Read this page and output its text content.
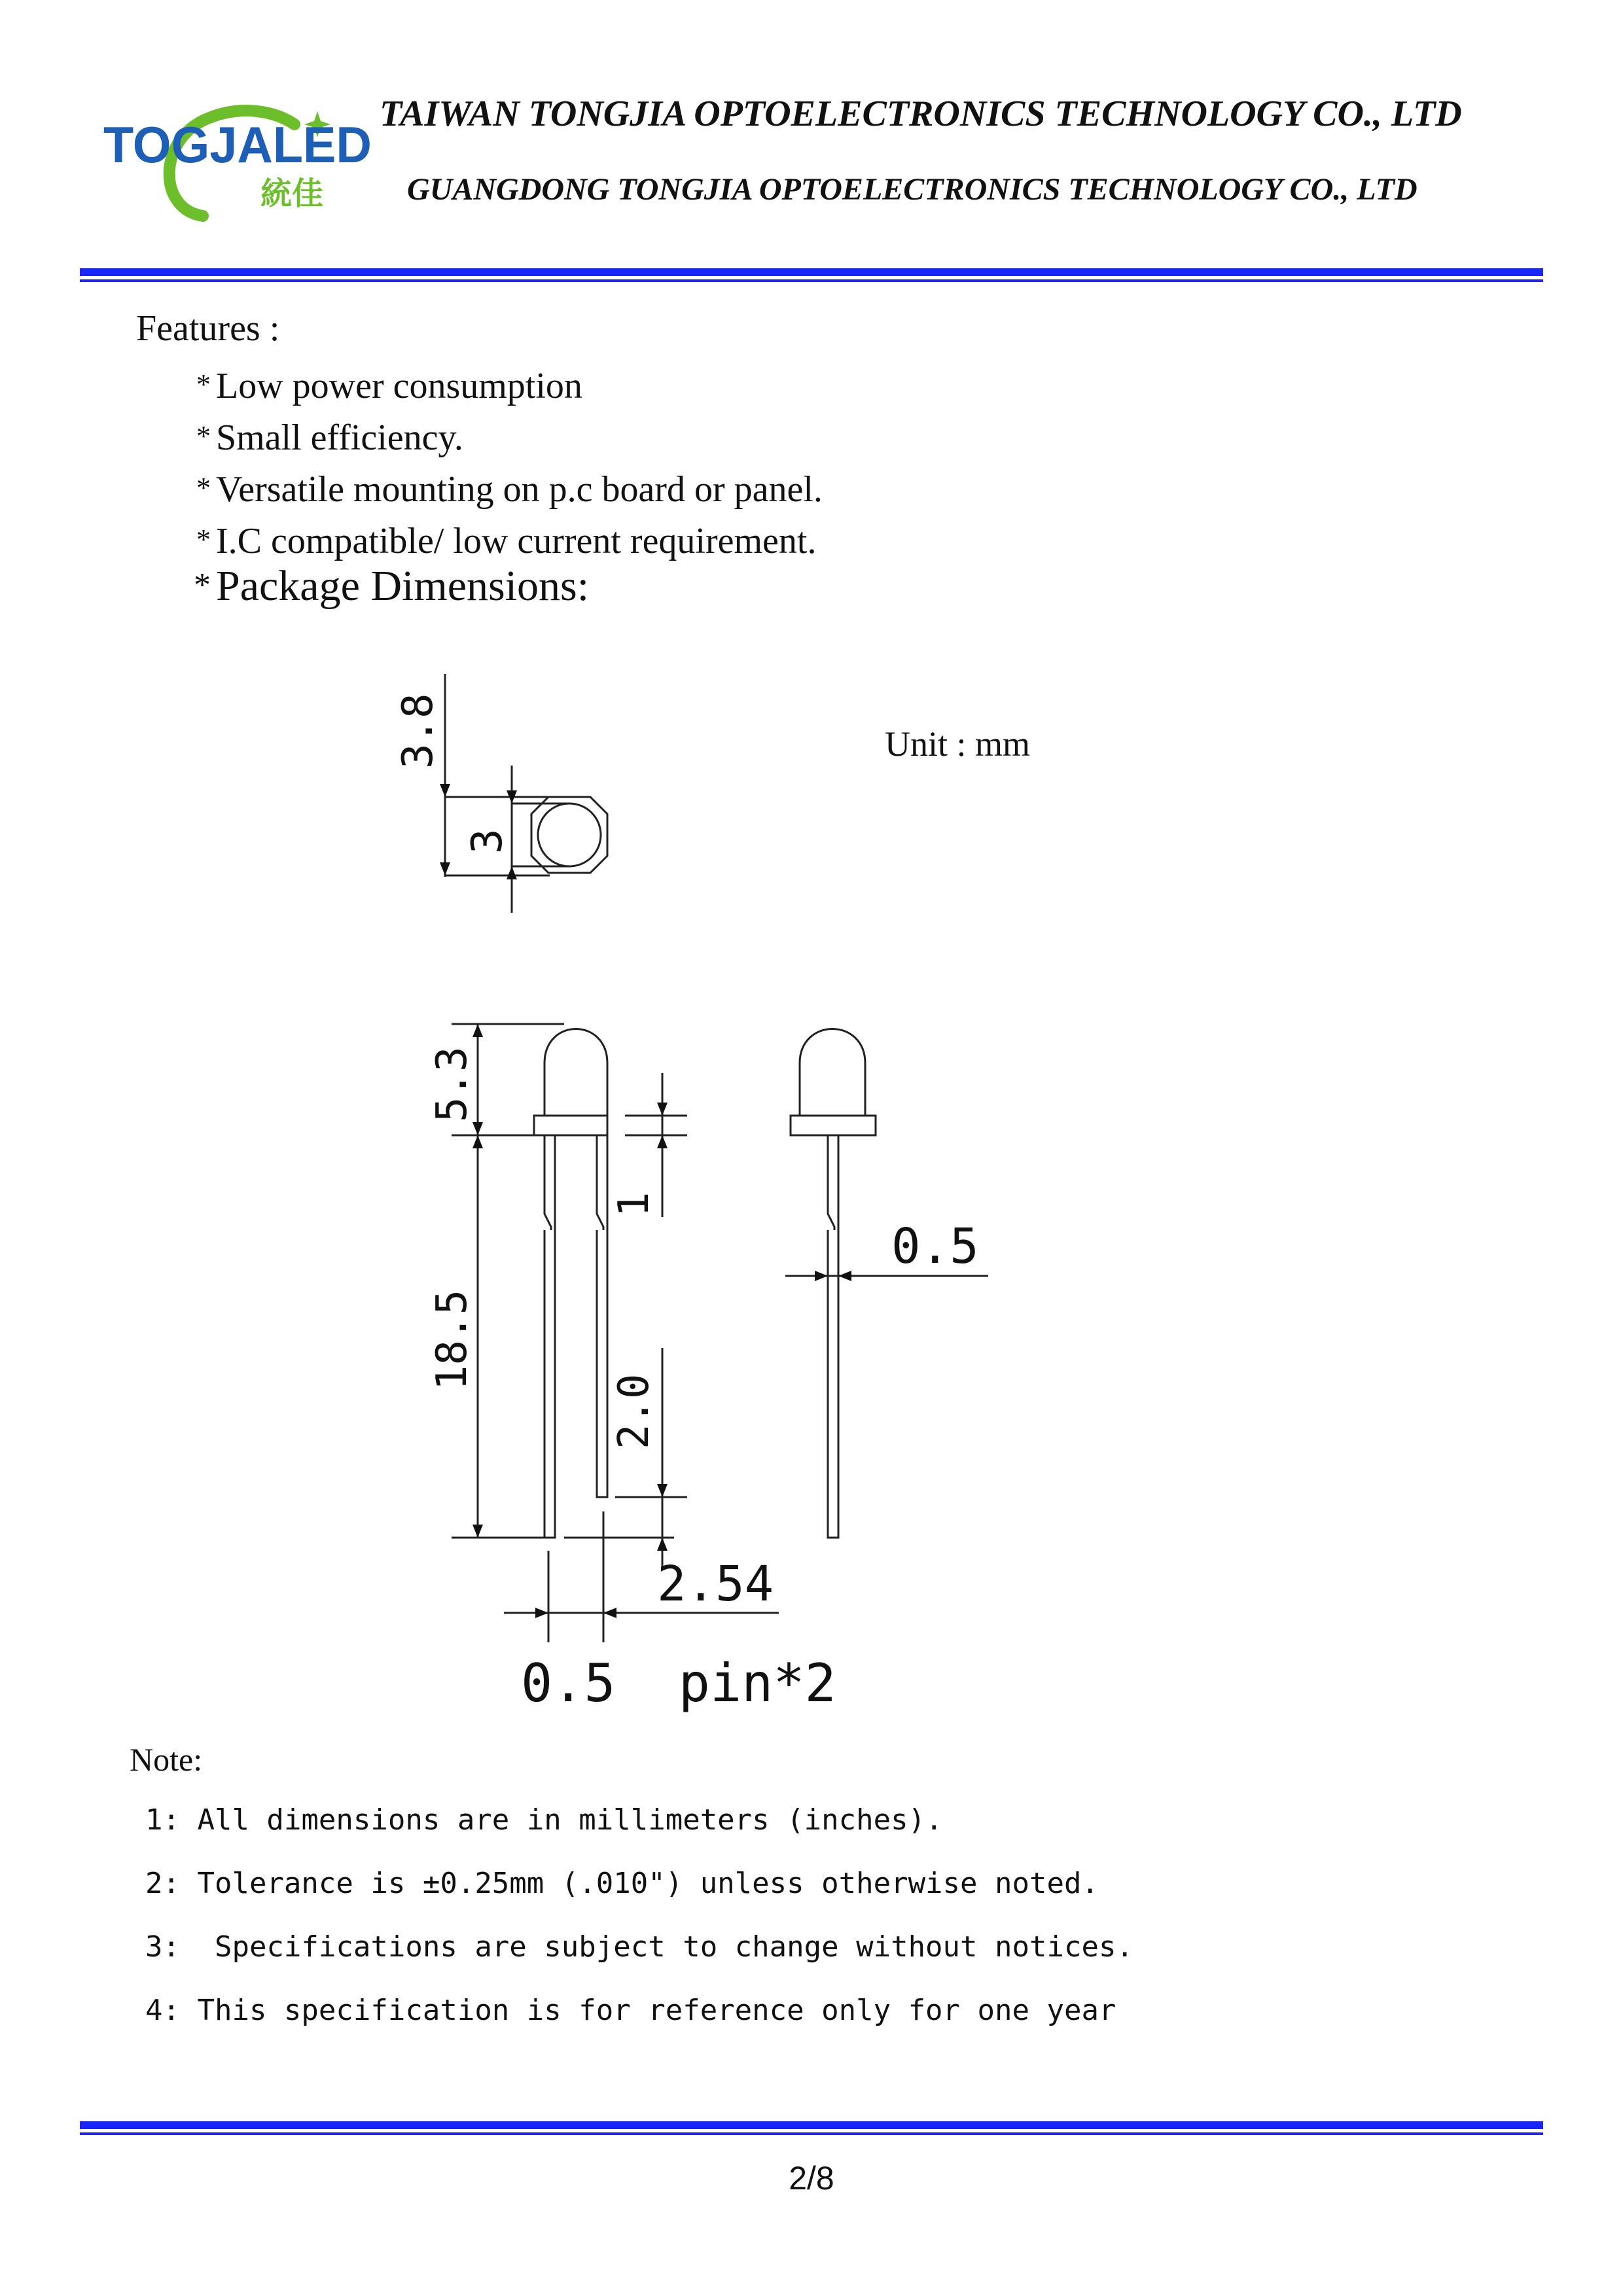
TOGJALED
統佳
TAIWAN TONGJIA OPTOELECTRONICS TECHNOLOGY CO., LTD
GUANGDONG TONGJIA OPTOELECTRONICS TECHNOLOGY CO., LTD
Features :
* Low power consumption
* Small efficiency.
* Versatile mounting on p.c board or panel.
* I.C compatible/ low current requirement.
* Package Dimensions:
Unit : mm
3.8
3
5.3
1
18.5
2.0
0.5
2.54
0.5  pin*2
Note:
1: All dimensions are in millimeters (inches).
2: Tolerance is ±0.25mm (.010") unless otherwise noted.
3:  Specifications are subject to change without notices.
4: This specification is for reference only for one year
2/8
